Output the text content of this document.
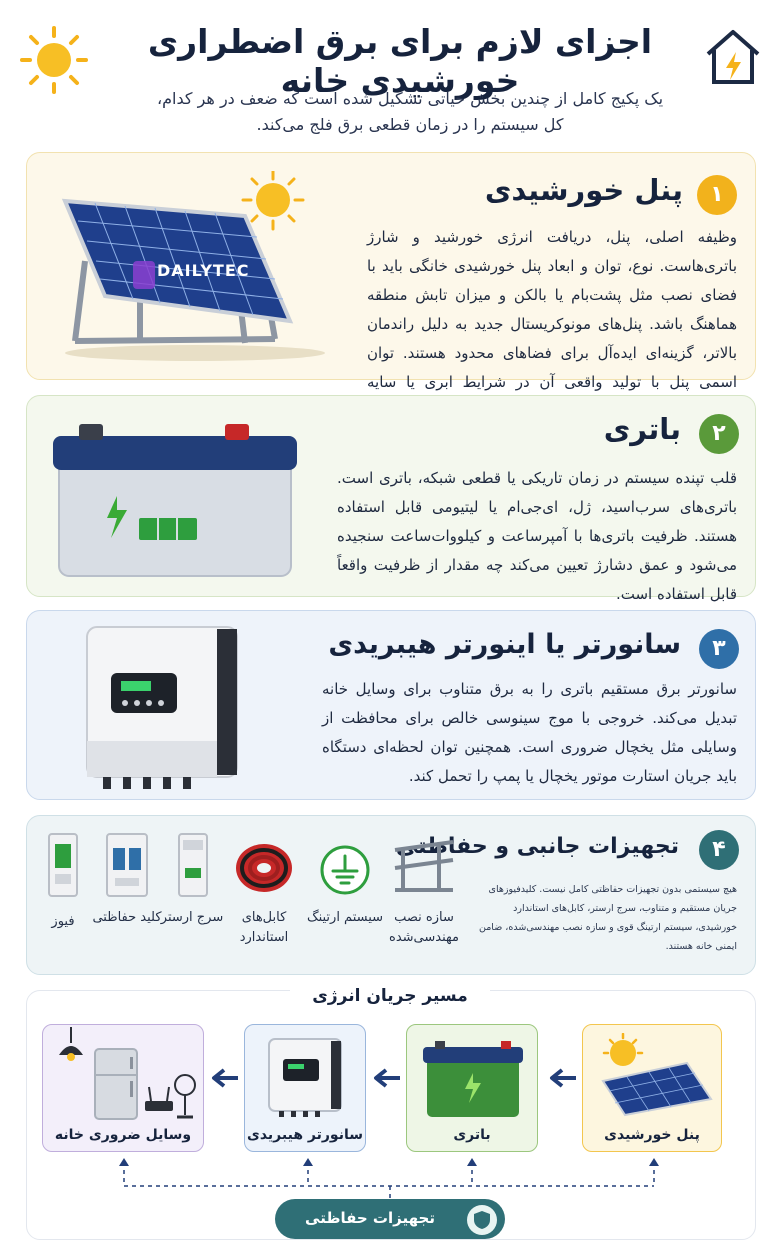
اجزای لازم برای برق اضطراری خورشیدی خانه
یک پکیج کامل از چندین بخش حیاتی تشکیل شده است که ضعف در هر کدام، کل سیستم را در زمان قطعی برق فلج می‌کند.
DAILYTEC
۱
پنل خورشیدی
وظیفه اصلی، پنل، دریافت انرژی خورشید و شارژ باتری‌هاست. نوع، توان و ابعاد پنل خورشیدی خانگی باید با فضای نصب مثل پشت‌بام یا بالکن و میزان تابش منطقه هماهنگ باشد. پنل‌های مونوکریستال جدید به دلیل راندمان بالاتر، گزینه‌ای ایده‌آل برای فضاهای محدود هستند. توان اسمی پنل با تولید واقعی آن در شرایط ابری یا سایه
۲
باتری
قلب تپنده سیستم در زمان تاریکی یا قطعی شبکه، باتری است. باتری‌های سرب‌اسید، ژل، ای‌جی‌ام یا لیتیومی قابل استفاده هستند. ظرفیت باتری‌ها با آمپرساعت و کیلووات‌ساعت سنجیده می‌شود و عمق دشارژ تعیین می‌کند چه مقدار از ظرفیت واقعاً قابل استفاده است.
۳
سانورتر یا اینورتر هیبریدی
سانورتر برق مستقیم باتری را به برق متناوب برای وسایل خانه تبدیل می‌کند. خروجی با موج سینوسی خالص برای محافظت از وسایلی مثل یخچال ضروری است. همچنین توان لحظه‌ای دستگاه باید جریان استارت موتور یخچال یا پمپ را تحمل کند.
۴
تجهیزات جانبی و حفاظتی
هیچ سیستمی بدون تجهیزات حفاظتی کامل نیست. کلیدفیوزهای جریان مستقیم و متناوب، سرج ارستر، کابل‌های استاندارد خورشیدی، سیستم ارتینگ قوی و سازه نصب مهندسی‌شده، ضامن ایمنی خانه هستند.
سازه نصب مهندسی‌شده
سیستم ارتینگ
کابل‌های استاندارد
سرج ارستر
کلید حفاظتی
فیوز
مسیر جریان انرژی
پنل خورشیدی
باتری
سانورتر هیبریدی
وسایل ضروری خانه
تجهیزات حفاظتی
